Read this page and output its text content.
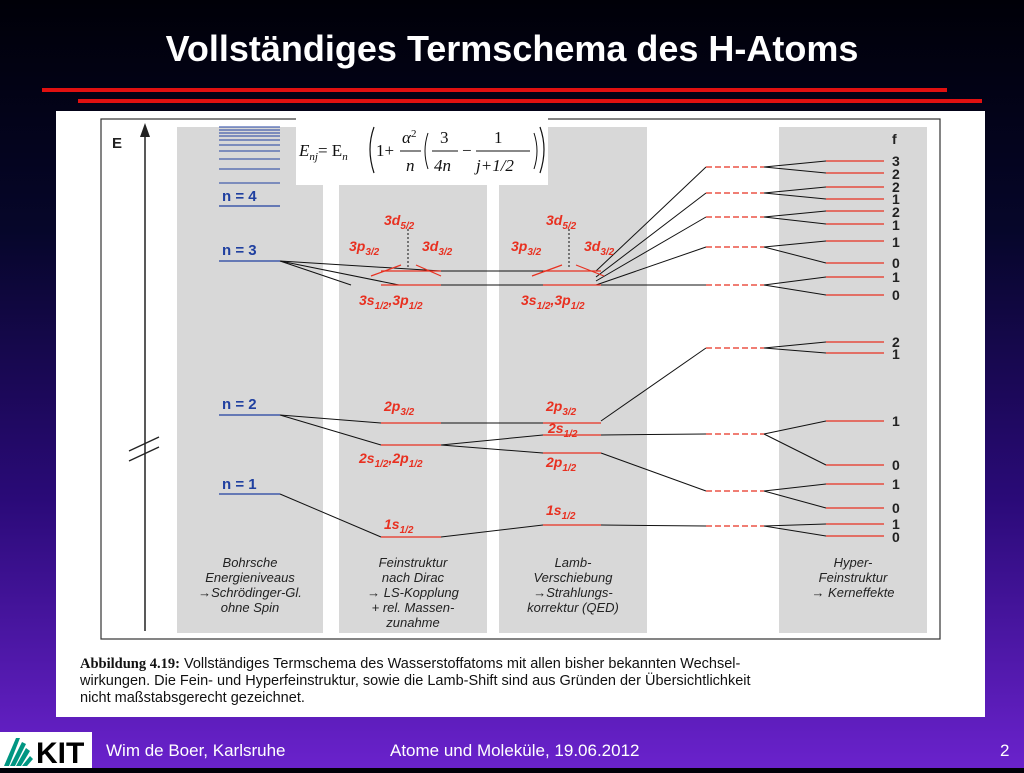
Vollständiges Termschema des H-Atoms
E
n = 4
n = 3
n = 2
n = 1
$3d_{5/2}$
$3p_{3/2}$	$3d_{3/2}$
$3s_{1/2},3p_{1/2}$
$2p_{3/2}$
$2s_{1/2},2p_{1/2}$
$1s_{1/2}$
$3d_{5/2}$
$3p_{3/2}$	$3d_{3/2}$
$3s_{1/2},3p_{1/2}$
$2p_{3/2}$
$2s_{1/2}$
$2p_{1/2}$
$1s_{1/2}$
f
3
2
2
1
2
1
1
0
1
0
2
1
1
0
1
0
1
0
Bohrsche
Energieniveaus
→Schrödinger-Gl.
ohne Spin
Feinstruktur
nach Dirac
→ LS-Kopplung
+ rel. Massen-
zunahme
Lamb-
Verschiebung
→Strahlungs-
korrektur (QED)
Hyper-
Feinstruktur
→ Kerneffekte
$E_{nj}= E_n$ 1+
$\alpha^2$
n
3
4n
−
1
j+1/2
Abbildung 4.19: Vollständiges Termschema des Wasserstoffatoms mit allen bisher bekannten Wechsel-
wirkungen. Die Fein- und Hyperfeinstruktur, sowie die Lamb-Shift sind aus Gründen der Übersichtlichkeit
nicht maßstabsgerecht gezeichnet.
KIT Wim de Boer, Karlsruhe	Atome und Moleküle, 19.06.2012	2
